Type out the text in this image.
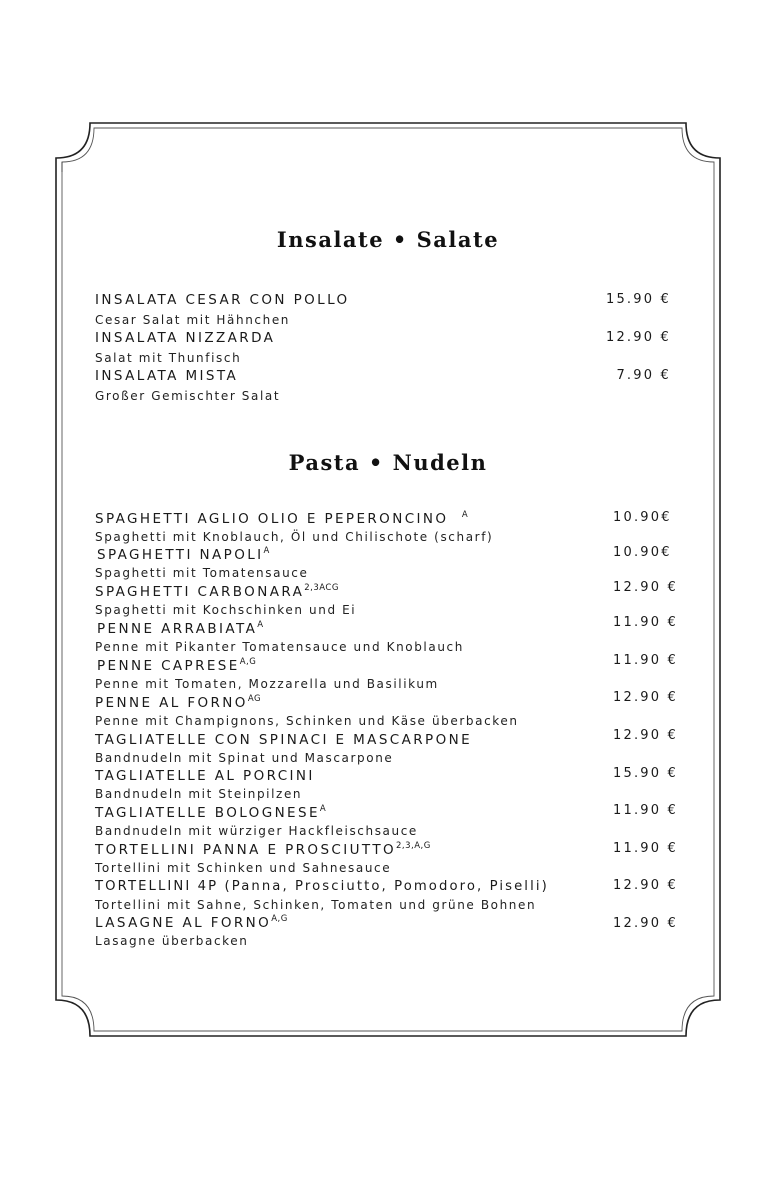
Insalate • Salate
INSALATA CESAR CON POLLO
Cesar Salat mit Hähnchen
15.90 €
INSALATA NIZZARDA
Salat mit Thunfisch
12.90 €
INSALATA MISTA
Großer Gemischter Salat
7.90 €
Pasta • Nudeln
SPAGHETTI AGLIO OLIO E PEPERONCINO $^A$
Spaghetti mit Knoblauch, Öl und Chilischote (scharf)
10.90€
SPAGHETTI $NAPOLI^A$
Spaghetti mit Tomatensauce
10.90€
SPAGHETTI $CARBONARA^{2,3ACG}$
Spaghetti mit Kochschinken und Ei
12.90 €
PENNE $ARRABIATA^A$
Penne mit Pikanter Tomatensauce und Knoblauch
11.90 €
PENNE $CAPRESE^{A,G}$
Penne mit Tomaten, Mozzarella und Basilikum
11.90 €
PENNE AL $FORNO^{AG}$
Penne mit Champignons, Schinken und Käse überbacken
12.90 €
TAGLIATELLE CON SPINACI E MASCARPONE
Bandnudeln mit Spinat und Mascarpone
12.90 €
TAGLIATELLE AL PORCINI
Bandnudeln mit Steinpilzen
15.90 €
TAGLIATELLE $BOLOGNESE^A$
Bandnudeln mit würziger Hackfleischsauce
11.90 €
TORTELLINI PANNA E $PROSCIUTTO^{2,3,A,G}$
Tortellini mit Schinken und Sahnesauce
11.90 €
TORTELLINI 4P (Panna, Prosciutto, Pomodoro, Piselli)
Tortellini mit Sahne, Schinken, Tomaten und grüne Bohnen
12.90 €
LASAGNE AL $FORNO^{A,G}$
Lasagne überbacken
12.90 €
